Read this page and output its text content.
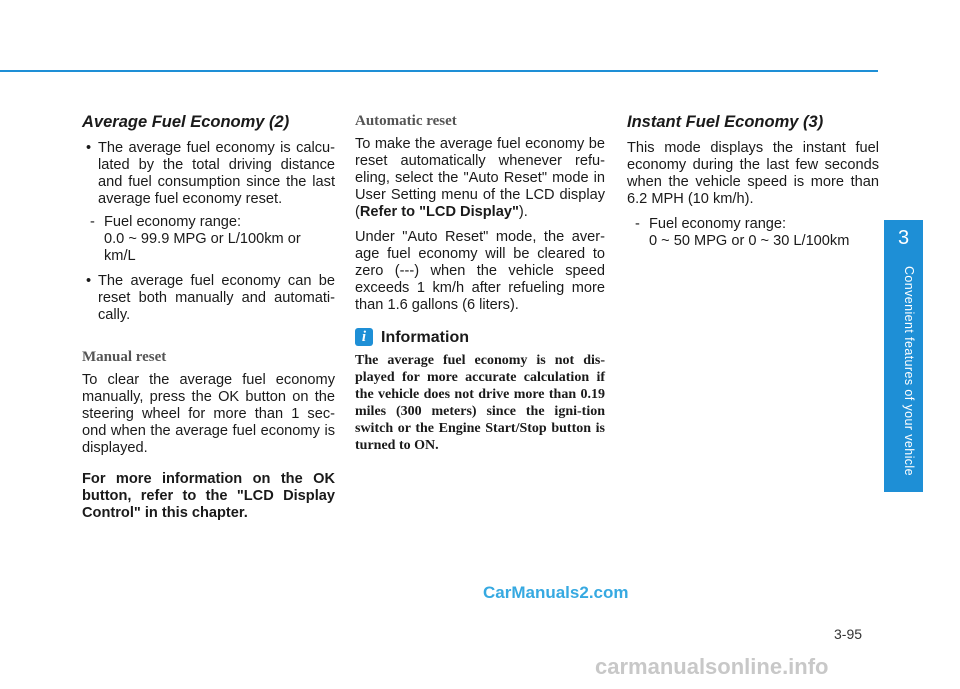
Average Fuel Economy (2)
• The average fuel economy is calcu-lated by the total driving distance and fuel consumption since the last average fuel economy reset.
- Fuel economy range:
0.0 ~ 99.9 MPG or L/100km or km/L
• The average fuel economy can be reset both manually and automati-cally.
Manual reset

To clear the average fuel economy manually, press the OK button on the steering wheel for more than 1 sec-ond when the average fuel economy is displayed.

For more information on the OK button, refer to the "LCD Display Control" in this chapter.

Automatic reset

To make the average fuel economy be reset automatically whenever refu-eling, select the "Auto Reset" mode in User Setting menu of the LCD display (Refer to "LCD Display").

Under "Auto Reset" mode, the aver-age fuel economy will be cleared to zero (---) when the vehicle speed exceeds 1 km/h after refueling more than 1.6 gallons (6 liters).

i Information

The average fuel economy is not dis-played for more accurate calculation if the vehicle does not drive more than 0.19 miles (300 meters) since the igni-tion switch or the Engine Start/Stop button is turned to ON.

Instant Fuel Economy (3)

This mode displays the instant fuel economy during the last few seconds when the vehicle speed is more than 6.2 MPH (10 km/h).

- Fuel economy range:
0 ~ 50 MPG or 0 ~ 30 L/100km	3
Convenient features of your vehicle
3-95
CarManuals2.com
carmanualsonline.info
